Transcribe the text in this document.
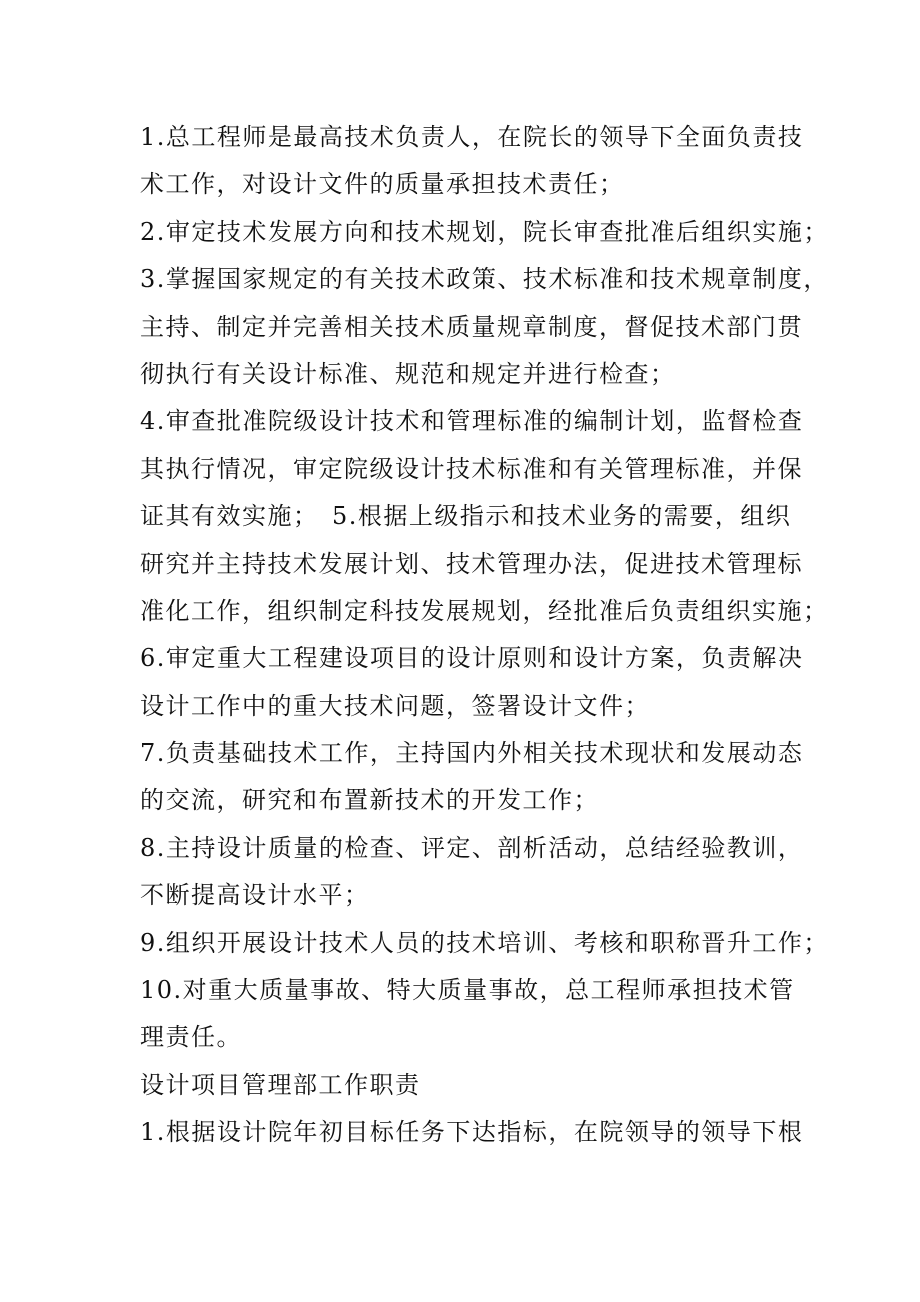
1.总工程师是最高技术负责人，在院长的领导下全面负责技
术工作，对设计文件的质量承担技术责任；
2.审定技术发展方向和技术规划，院长审查批准后组织实施；
3.掌握国家规定的有关技术政策、技术标准和技术规章制度，
主持、制定并完善相关技术质量规章制度，督促技术部门贯
彻执行有关设计标准、规范和规定并进行检查；
4.审查批准院级设计技术和管理标准的编制计划，监督检查
其执行情况，审定院级设计技术标准和有关管理标准，并保
证其有效实施；　5.根据上级指示和技术业务的需要，组织
研究并主持技术发展计划、技术管理办法，促进技术管理标
准化工作，组织制定科技发展规划，经批准后负责组织实施；
6.审定重大工程建设项目的设计原则和设计方案，负责解决
设计工作中的重大技术问题，签署设计文件；
7.负责基础技术工作，主持国内外相关技术现状和发展动态
的交流，研究和布置新技术的开发工作；
8.主持设计质量的检查、评定、剖析活动，总结经验教训，
不断提高设计水平；
9.组织开展设计技术人员的技术培训、考核和职称晋升工作；
10.对重大质量事故、特大质量事故，总工程师承担技术管
理责任。
设计项目管理部工作职责
1.根据设计院年初目标任务下达指标，在院领导的领导下根
